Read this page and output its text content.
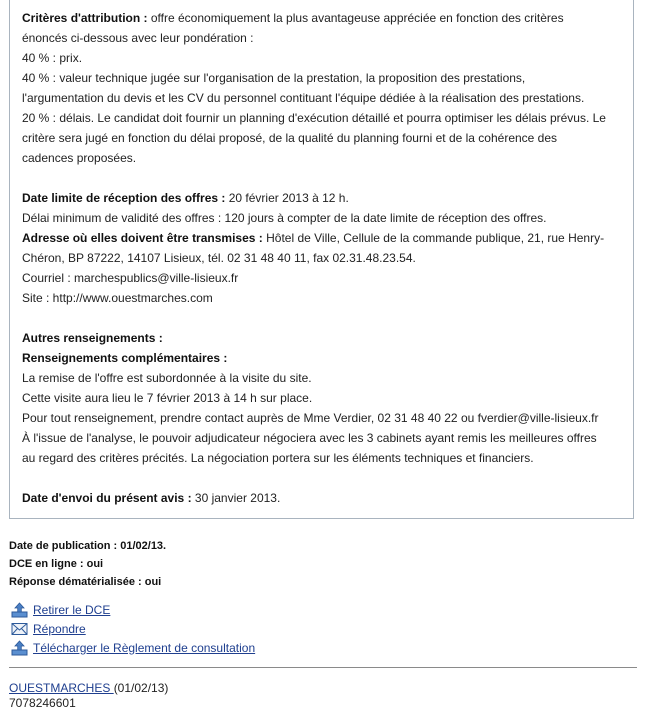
Critères d'attribution : offre économiquement la plus avantageuse appréciée en fonction des critères

énoncés ci-dessous avec leur pondération :

40 % : prix.

40 % : valeur technique jugée sur l'organisation de la prestation, la proposition des prestations,

l'argumentation du devis et les CV du personnel contituant l'équipe dédiée à la réalisation des prestations.

20 % : délais. Le candidat doit fournir un planning d'exécution détaillé et pourra optimiser les délais prévus. Le

critère sera jugé en fonction du délai proposé, de la qualité du planning fourni et de la cohérence des

cadences proposées.

Date limite de réception des offres : 20 février 2013 à 12 h.

Délai minimum de validité des offres : 120 jours à compter de la date limite de réception des offres.

Adresse où elles doivent être transmises : Hôtel de Ville, Cellule de la commande publique, 21, rue Henry-

Chéron, BP 87222, 14107 Lisieux, tél. 02 31 48 40 11, fax 02.31.48.23.54.

Courriel : marchespublics@ville-lisieux.fr

Site : http://www.ouestmarches.com

Autres renseignements :

Renseignements complémentaires :

La remise de l'offre est subordonnée à la visite du site.

Cette visite aura lieu le 7 février 2013 à 14 h sur place.

Pour tout renseignement, prendre contact auprès de Mme Verdier, 02 31 48 40 22 ou fverdier@ville-lisieux.fr

À l'issue de l'analyse, le pouvoir adjudicateur négociera avec les 3 cabinets ayant remis les meilleures offres

au regard des critères précités. La négociation portera sur les éléments techniques et financiers.

Date d'envoi du présent avis : 30 janvier 2013.

Date de publication : 01/02/13.
DCE en ligne : oui
Réponse dématérialisée : oui
Retirer le DCE
Répondre
Télécharger le Règlement de consultation
OUESTMARCHES (01/02/13)
7078246601
